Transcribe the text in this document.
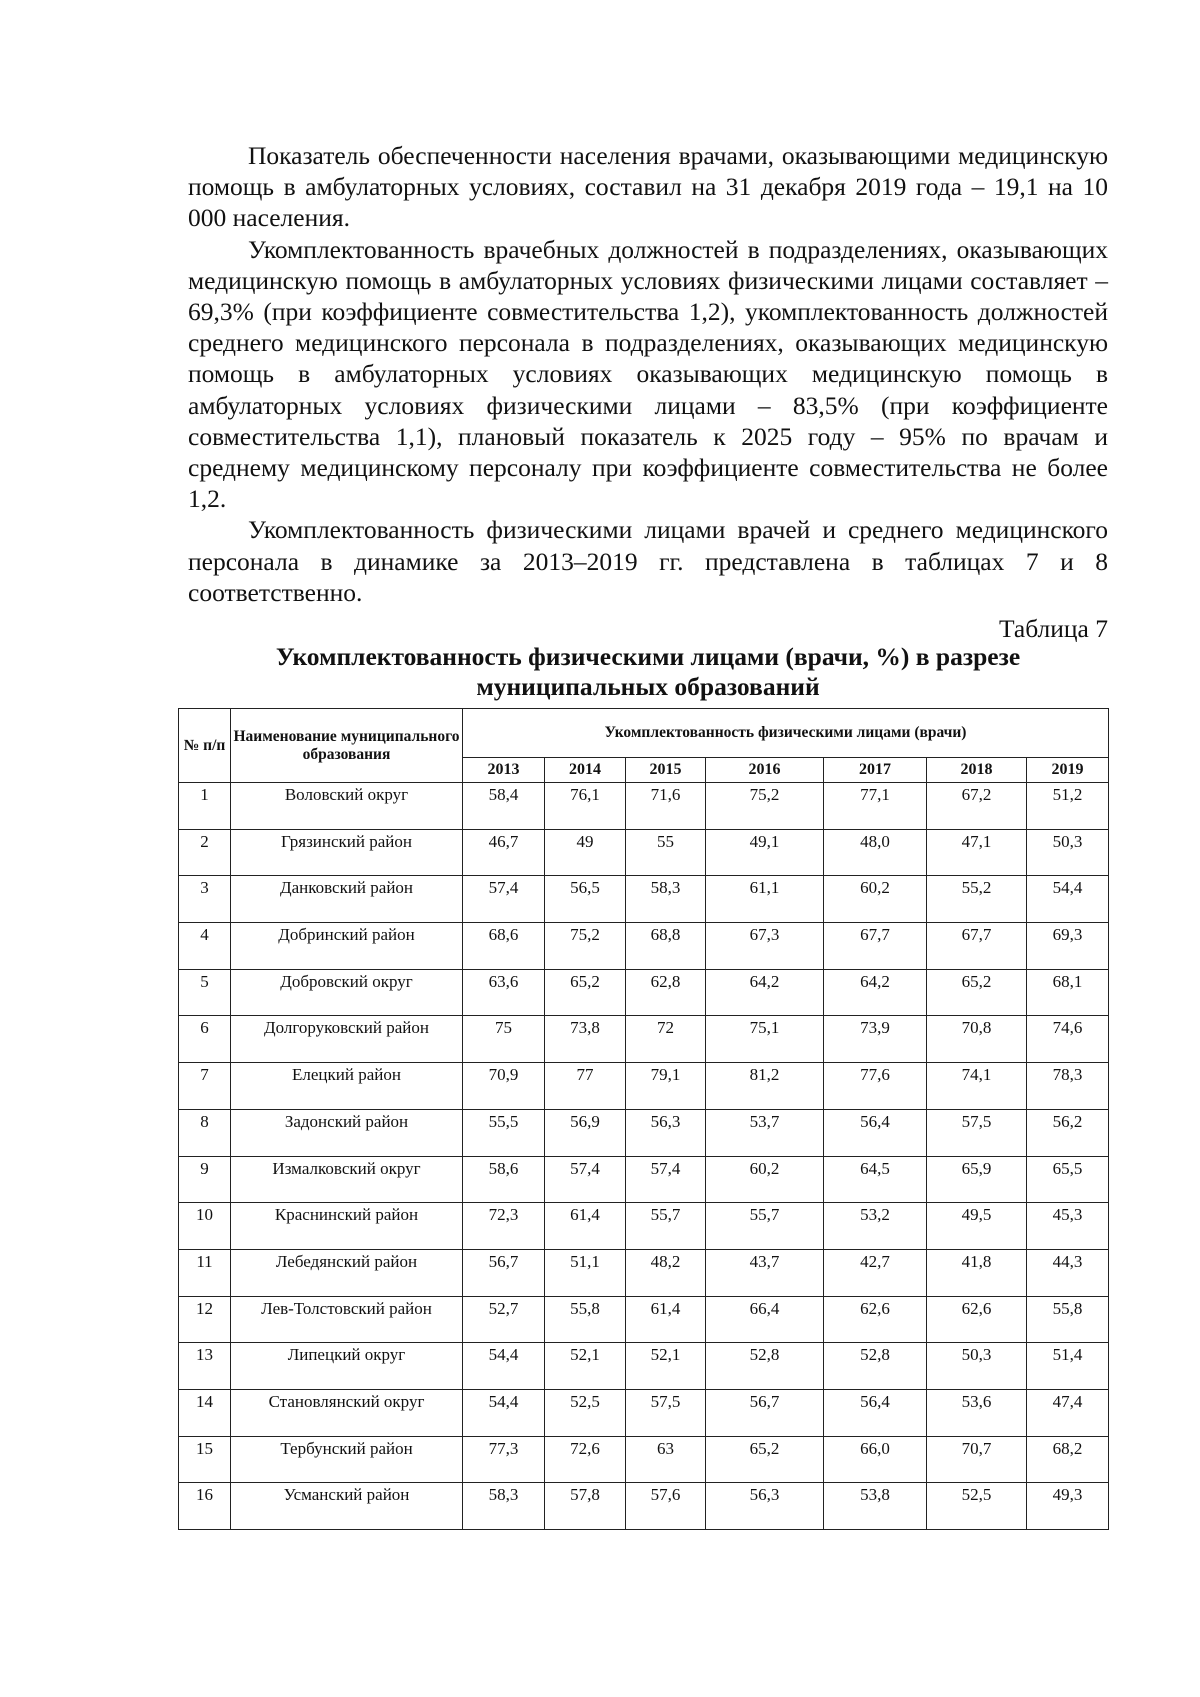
Показатель обеспеченности населения врачами, оказывающими медицинскую помощь в амбулаторных условиях, составил на 31 декабря 2019 года – 19,1 на 10 000 населения.

Укомплектованность врачебных должностей в подразделениях, оказывающих медицинскую помощь в амбулаторных условиях физическими лицами составляет – 69,3% (при коэффициенте совместительства 1,2), укомплектованность должностей среднего медицинского персонала в подразделениях, оказывающих медицинскую помощь в амбулаторных условиях оказывающих медицинскую помощь в амбулаторных условиях физическими лицами – 83,5% (при коэффициенте совместительства 1,1), плановый показатель к 2025 году – 95% по врачам и среднему медицинскому персоналу при коэффициенте совместительства не более 1,2.

Укомплектованность физическими лицами врачей и среднего медицинского персонала в динамике за 2013–2019 гг. представлена в таблицах 7 и 8 соответственно.

Таблица 7
Укомплектованность физическими лицами (врачи, %) в разрезе муниципальных образований
№ п/п	Наименование муниципального образования	Укомплектованность физическими лицами (врачи)						
		2013	2014	2015	2016	2017	2018	2019
1	Воловский округ	58,4	76,1	71,6	75,2	77,1	67,2	51,2
2	Грязинский район	46,7	49	55	49,1	48,0	47,1	50,3
3	Данковский район	57,4	56,5	58,3	61,1	60,2	55,2	54,4
4	Добринский район	68,6	75,2	68,8	67,3	67,7	67,7	69,3
5	Добровский округ	63,6	65,2	62,8	64,2	64,2	65,2	68,1
6	Долгоруковский район	75	73,8	72	75,1	73,9	70,8	74,6
7	Елецкий район	70,9	77	79,1	81,2	77,6	74,1	78,3
8	Задонский район	55,5	56,9	56,3	53,7	56,4	57,5	56,2
9	Измалковский округ	58,6	57,4	57,4	60,2	64,5	65,9	65,5
10	Краснинский район	72,3	61,4	55,7	55,7	53,2	49,5	45,3
11	Лебедянский район	56,7	51,1	48,2	43,7	42,7	41,8	44,3
12	Лев-Толстовский район	52,7	55,8	61,4	66,4	62,6	62,6	55,8
13	Липецкий округ	54,4	52,1	52,1	52,8	52,8	50,3	51,4
14	Становлянский округ	54,4	52,5	57,5	56,7	56,4	53,6	47,4
15	Тербунский район	77,3	72,6	63	65,2	66,0	70,7	68,2
16	Усманский район	58,3	57,8	57,6	56,3	53,8	52,5	49,3
